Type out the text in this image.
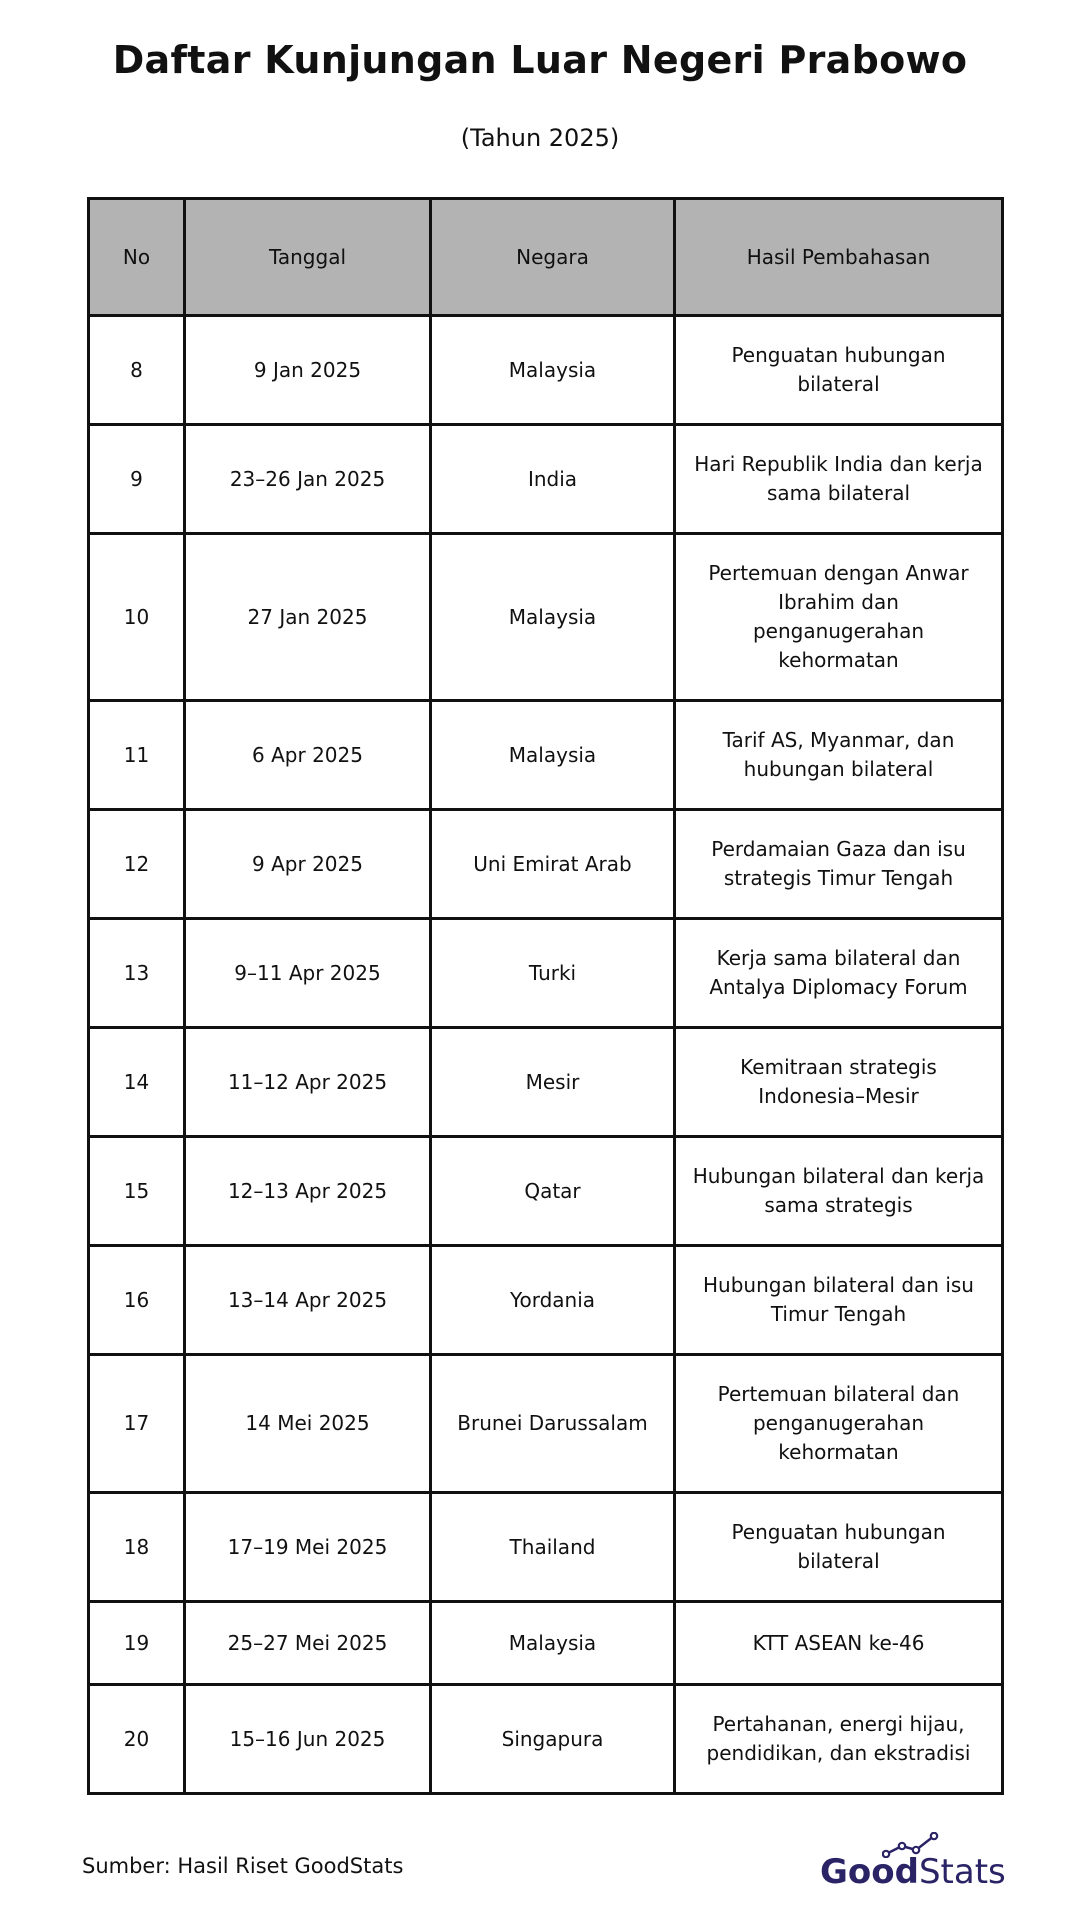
Daftar Kunjungan Luar Negeri Prabowo
(Tahun 2025)
No	Tanggal	Negara	Hasil Pembahasan
8	9 Jan 2025	Malaysia	Penguatan hubungan bilateral
9	23–26 Jan 2025	India	Hari Republik India dan kerja sama bilateral
10	27 Jan 2025	Malaysia	Pertemuan dengan Anwar Ibrahim dan penganugerahan kehormatan
11	6 Apr 2025	Malaysia	Tarif AS, Myanmar, dan hubungan bilateral
12	9 Apr 2025	Uni Emirat Arab	Perdamaian Gaza dan isu strategis Timur Tengah
13	9–11 Apr 2025	Turki	Kerja sama bilateral dan Antalya Diplomacy Forum
14	11–12 Apr 2025	Mesir	Kemitraan strategis Indonesia–Mesir
15	12–13 Apr 2025	Qatar	Hubungan bilateral dan kerja sama strategis
16	13–14 Apr 2025	Yordania	Hubungan bilateral dan isu Timur Tengah
17	14 Mei 2025	Brunei Darussalam	Pertemuan bilateral dan penganugerahan kehormatan
18	17–19 Mei 2025	Thailand	Penguatan hubungan bilateral
19	25–27 Mei 2025	Malaysia	KTT ASEAN ke-46
20	15–16 Jun 2025	Singapura	Pertahanan, energi hijau, pendidikan, dan ekstradisi
Sumber: Hasil Riset GoodStats	GoodStats
